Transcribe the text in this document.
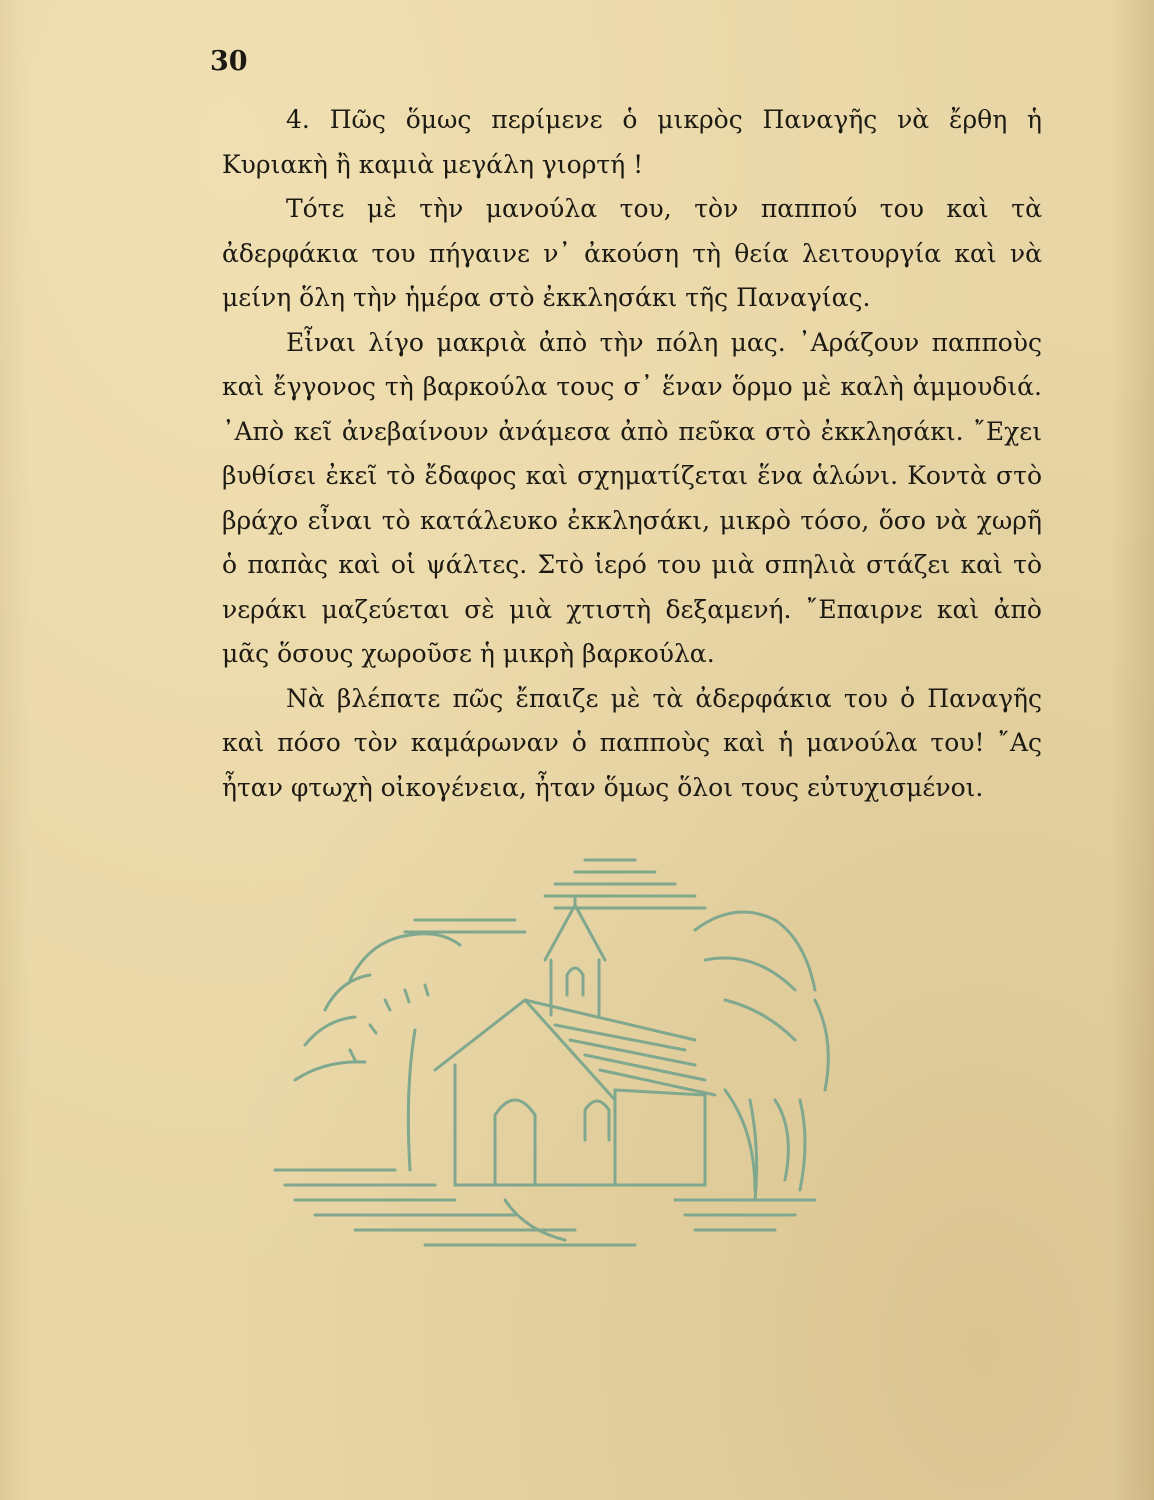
30

4. Πῶς ὅμως περίμενε ὁ μικρὸς Παναγῆς νὰ ἔρθη ἡ Κυριακὴ ἢ καμιὰ μεγάλη γιορτή !

Τότε μὲ τὴν μανούλα του, τὸν παππού του καὶ τὰ ἀδερφάκια του πήγαινε ν᾿ ἀκούση τὴ θεία λειτουργία καὶ νὰ μείνη ὅλη τὴν ἡμέρα στὸ ἐκκλησάκι τῆς Παναγίας.

Εἶναι λίγο μακριὰ ἀπὸ τὴν πόλη μας. ᾿Αράζουν παπποὺς καὶ ἔγγονος τὴ βαρκούλα τους σ᾿ ἕναν ὅρμο μὲ καλὴ ἀμμουδιά. ᾿Απὸ κεῖ ἀνεβαίνουν ἀνάμεσα ἀπὸ πεῦκα στὸ ἐκκλησάκι. ῎Εχει βυθίσει ἐκεῖ τὸ ἔδαφος καὶ σχηματίζεται ἕνα ἁλώνι. Κοντὰ στὸ βράχο εἶναι τὸ κατάλευκο ἐκκλησάκι, μικρὸ τόσο, ὅσο νὰ χωρῆ ὁ παπὰς καὶ οἱ ψάλτες. Στὸ ἱερό του μιὰ σπηλιὰ στάζει καὶ τὸ νεράκι μαζεύεται σὲ μιὰ χτιστὴ δεξαμενή. ῎Επαιρνε καὶ ἀπὸ μᾶς ὅσους χωροῦσε ἡ μικρὴ βαρκούλα.

Νὰ βλέπατε πῶς ἔπαιζε μὲ τὰ ἀδερφάκια του ὁ Παναγῆς καὶ πόσο τὸν καμάρωναν ὁ παπποὺς καὶ ἡ μανούλα του! ῎Ας ἦταν φτωχὴ οἰκογένεια, ἦταν ὅμως ὅλοι τους εὐτυχισμένοι.
